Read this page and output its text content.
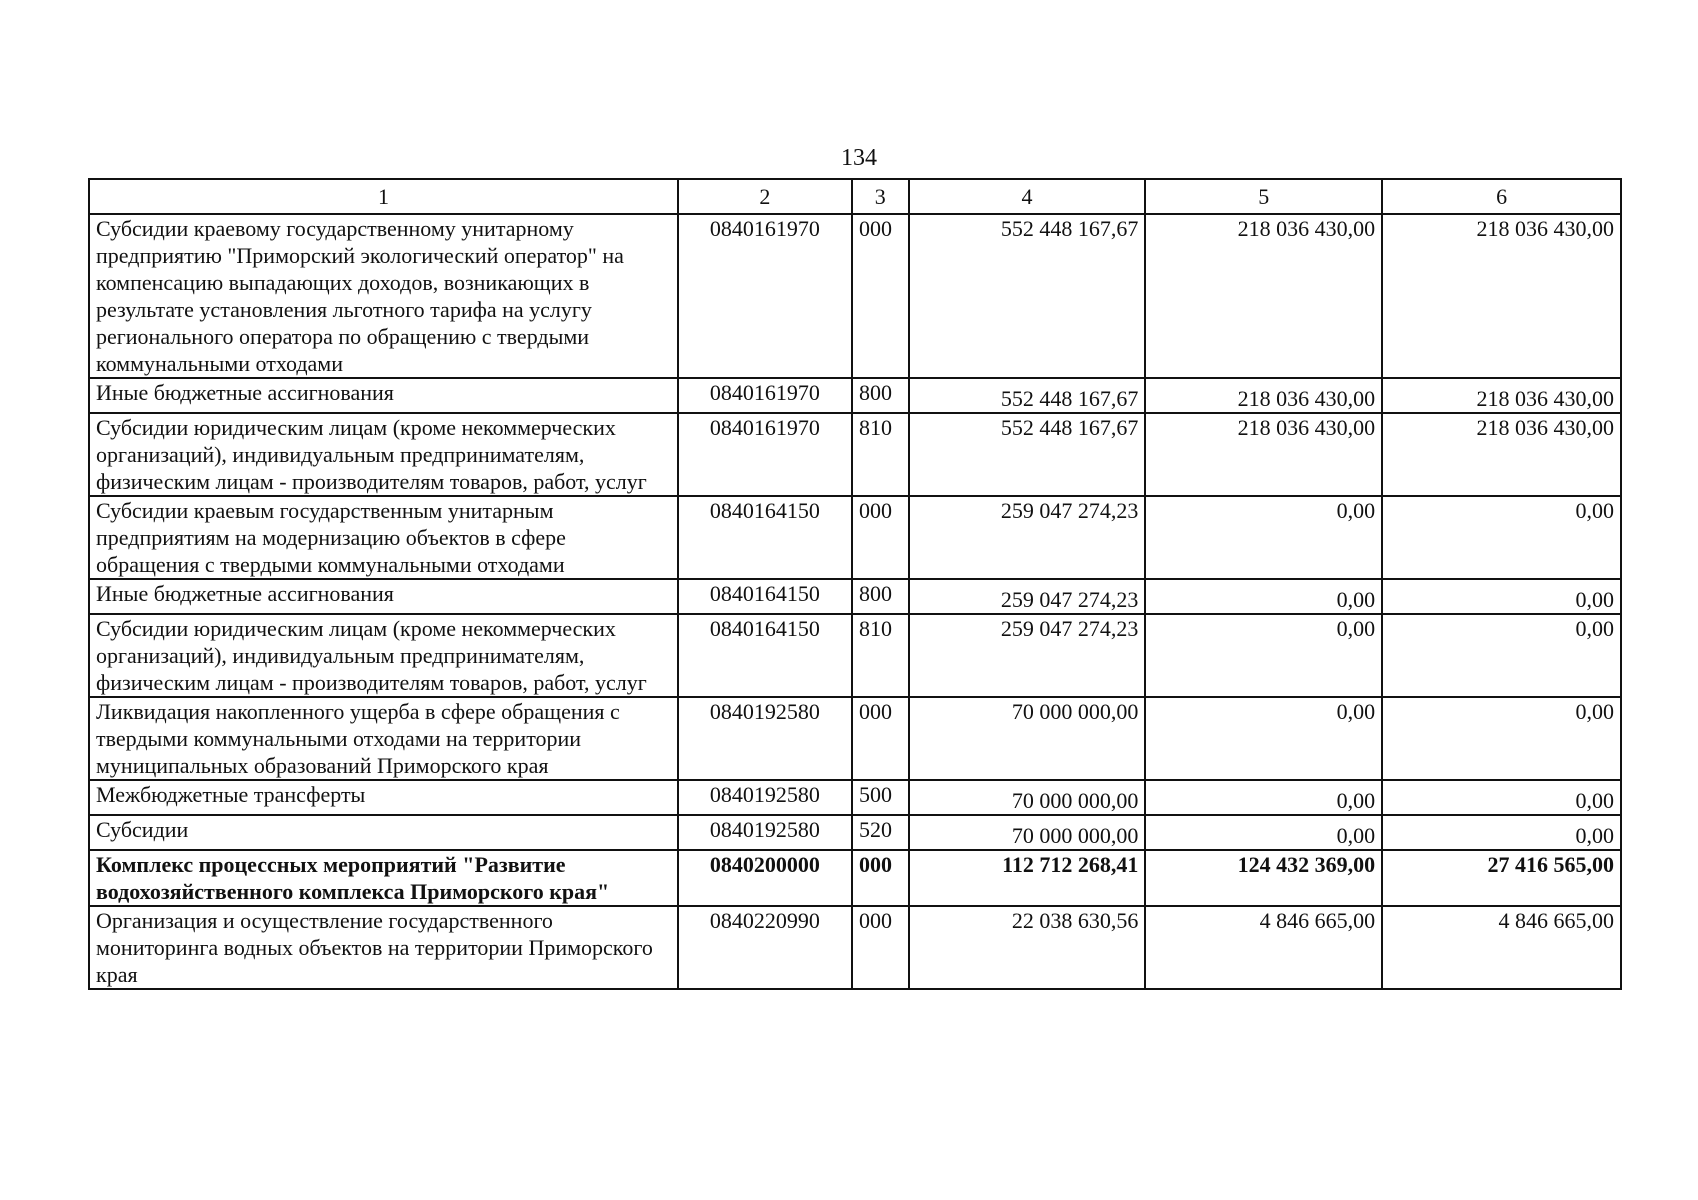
134
1	2	3	4	5	6
Субсидии краевому государственному унитарному предприятию "Приморский экологический оператор" на компенсацию выпадающих доходов, возникающих в результате установления льготного тарифа на услугу регионального оператора по обращению с твердыми коммунальными отходами	0840161970	000	552 448 167,67	218 036 430,00	218 036 430,00
Иные бюджетные ассигнования	0840161970	800	552 448 167,67	218 036 430,00	218 036 430,00
Субсидии юридическим лицам (кроме некоммерческих организаций), индивидуальным предпринимателям, физическим лицам - производителям товаров, работ, услуг	0840161970	810	552 448 167,67	218 036 430,00	218 036 430,00
Субсидии краевым государственным унитарным предприятиям на модернизацию объектов в сфере обращения с твердыми коммунальными отходами	0840164150	000	259 047 274,23	0,00	0,00
Иные бюджетные ассигнования	0840164150	800	259 047 274,23	0,00	0,00
Субсидии юридическим лицам (кроме некоммерческих организаций), индивидуальным предпринимателям, физическим лицам - производителям товаров, работ, услуг	0840164150	810	259 047 274,23	0,00	0,00
Ликвидация накопленного ущерба в сфере обращения с твердыми коммунальными отходами на территории муниципальных образований Приморского края	0840192580	000	70 000 000,00	0,00	0,00
Межбюджетные трансферты	0840192580	500	70 000 000,00	0,00	0,00
Субсидии	0840192580	520	70 000 000,00	0,00	0,00
Комплекс процессных мероприятий "Развитие водохозяйственного комплекса Приморского края"	0840200000	000	112 712 268,41	124 432 369,00	27 416 565,00
Организация и осуществление государственного мониторинга водных объектов на территории Приморского края	0840220990	000	22 038 630,56	4 846 665,00	4 846 665,00
